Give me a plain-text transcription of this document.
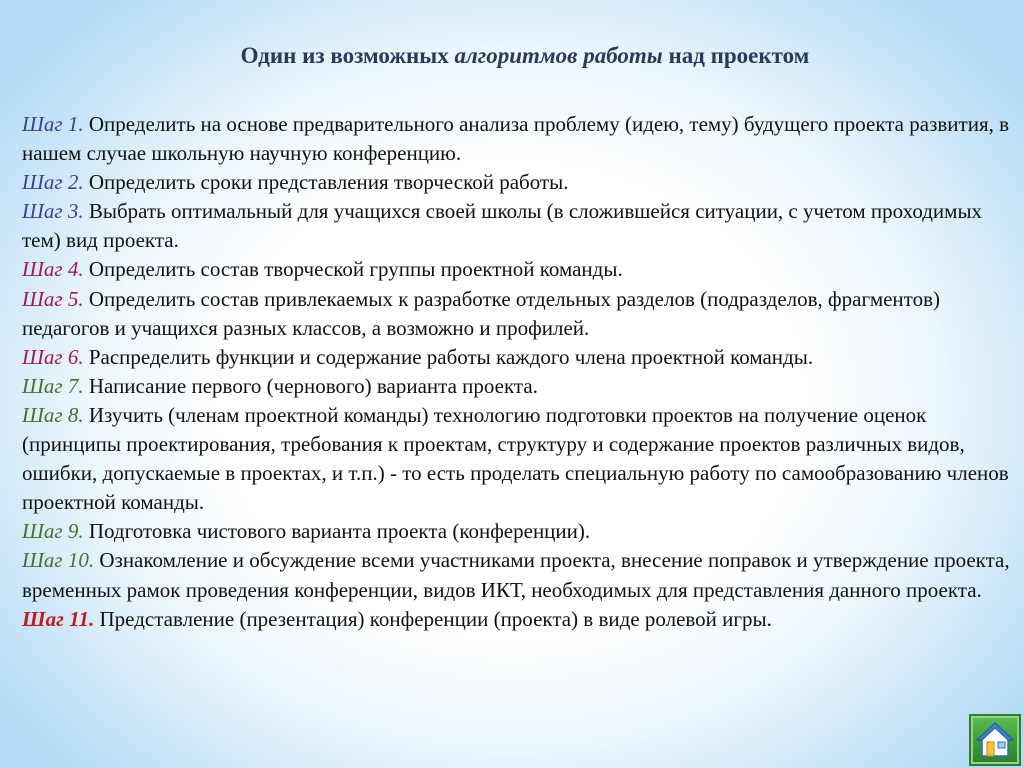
Один из возможных алгоритмов работы над проектом

Шаг 1. Определить на основе предварительного анализа проблему (идею, тему) будущего проекта развития, в нашем случае школьную научную конференцию.

Шаг 2. Определить сроки представления творческой работы.

Шаг 3. Выбрать оптимальный для учащихся своей школы (в сложившейся ситуации, с учетом проходимых тем) вид проекта.

Шаг 4. Определить состав творческой группы проектной команды.

Шаг 5. Определить состав привлекаемых к разработке отдельных разделов (подразделов, фрагментов) педагогов и учащихся разных классов, а возможно и профилей.

Шаг 6. Распределить функции и содержание работы каждого члена проектной команды.

Шаг 7. Написание первого (чернового) варианта проекта.

Шаг 8. Изучить (членам проектной команды) технологию подготовки проектов на получение оценок (принципы проектирования, требования к проектам, структуру и содержание проектов различных видов, ошибки, допускаемые в проектах, и т.п.) - то есть проделать специальную работу по самообразованию членов проектной команды.

Шаг 9. Подготовка чистового варианта проекта (конференции).

Шаг 10. Ознакомление и обсуждение всеми участниками проекта, внесение поправок и утверждение проекта, временных рамок проведения конференции, видов ИКТ, необходимых для представления данного проекта.

Шаг 11. Представление (презентация) конференции (проекта) в виде ролевой игры.
